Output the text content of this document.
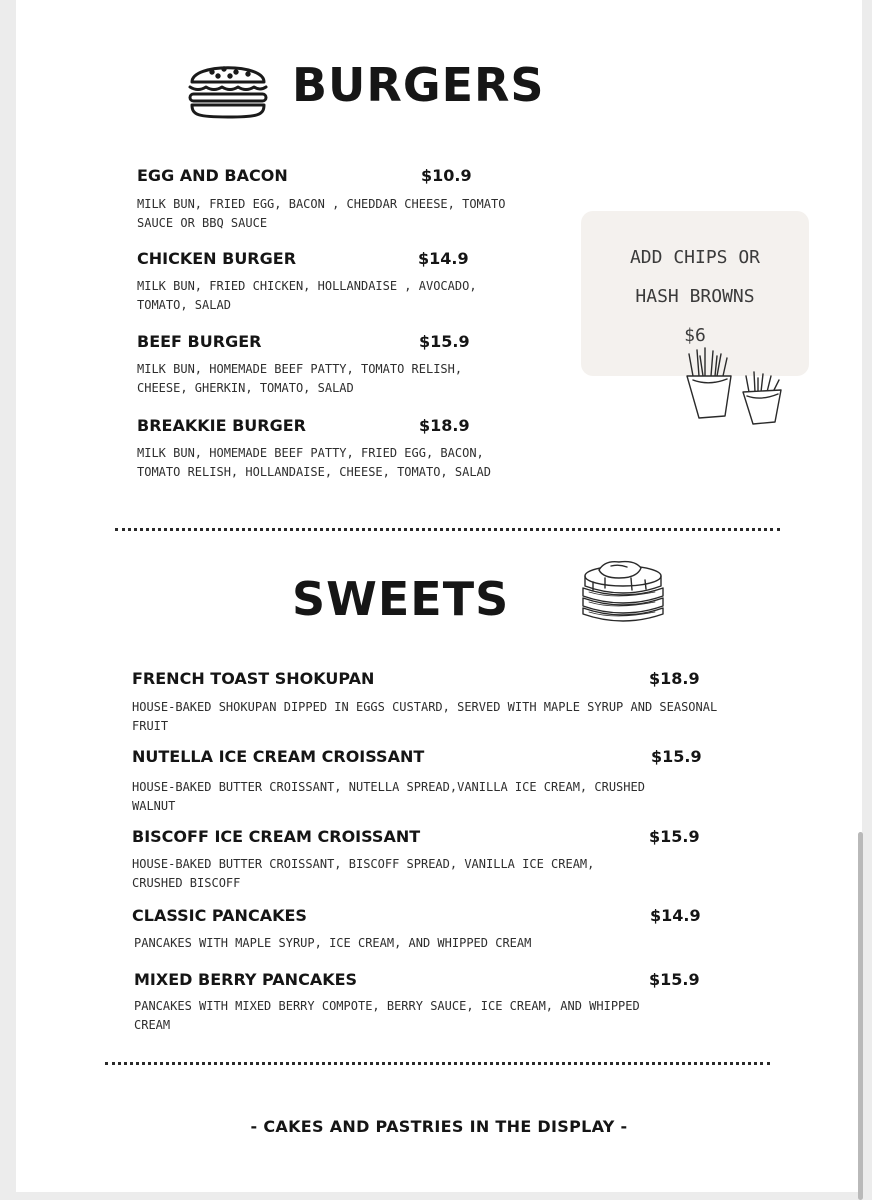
BURGERS
EGG AND BACON	$10.9
MILK BUN, FRIED EGG, BACON , CHEDDAR CHEESE, TOMATO SAUCE OR BBQ SAUCE
CHICKEN BURGER	$14.9
MILK BUN, FRIED CHICKEN, HOLLANDAISE , AVOCADO, TOMATO, SALAD
BEEF BURGER	$15.9
MILK BUN, HOMEMADE BEEF PATTY, TOMATO RELISH, CHEESE, GHERKIN, TOMATO, SALAD
BREAKKIE BURGER	$18.9
MILK BUN, HOMEMADE BEEF PATTY, FRIED EGG, BACON, TOMATO RELISH, HOLLANDAISE, CHEESE, TOMATO, SALAD
ADD CHIPS OR
HASH BROWNS
$6
SWEETS
FRENCH TOAST SHOKUPAN	$18.9
HOUSE-BAKED SHOKUPAN DIPPED IN EGGS CUSTARD, SERVED WITH MAPLE SYRUP AND SEASONAL FRUIT
NUTELLA ICE CREAM CROISSANT	$15.9
HOUSE-BAKED BUTTER CROISSANT, NUTELLA SPREAD,VANILLA ICE CREAM, CRUSHED WALNUT
BISCOFF ICE CREAM CROISSANT	$15.9
HOUSE-BAKED BUTTER CROISSANT, BISCOFF SPREAD, VANILLA ICE CREAM, CRUSHED BISCOFF
CLASSIC PANCAKES	$14.9
PANCAKES WITH MAPLE SYRUP, ICE CREAM, AND WHIPPED CREAM
MIXED BERRY PANCAKES	$15.9
PANCAKES WITH MIXED BERRY COMPOTE, BERRY SAUCE, ICE CREAM, AND WHIPPED CREAM
- CAKES AND PASTRIES IN THE DISPLAY -
